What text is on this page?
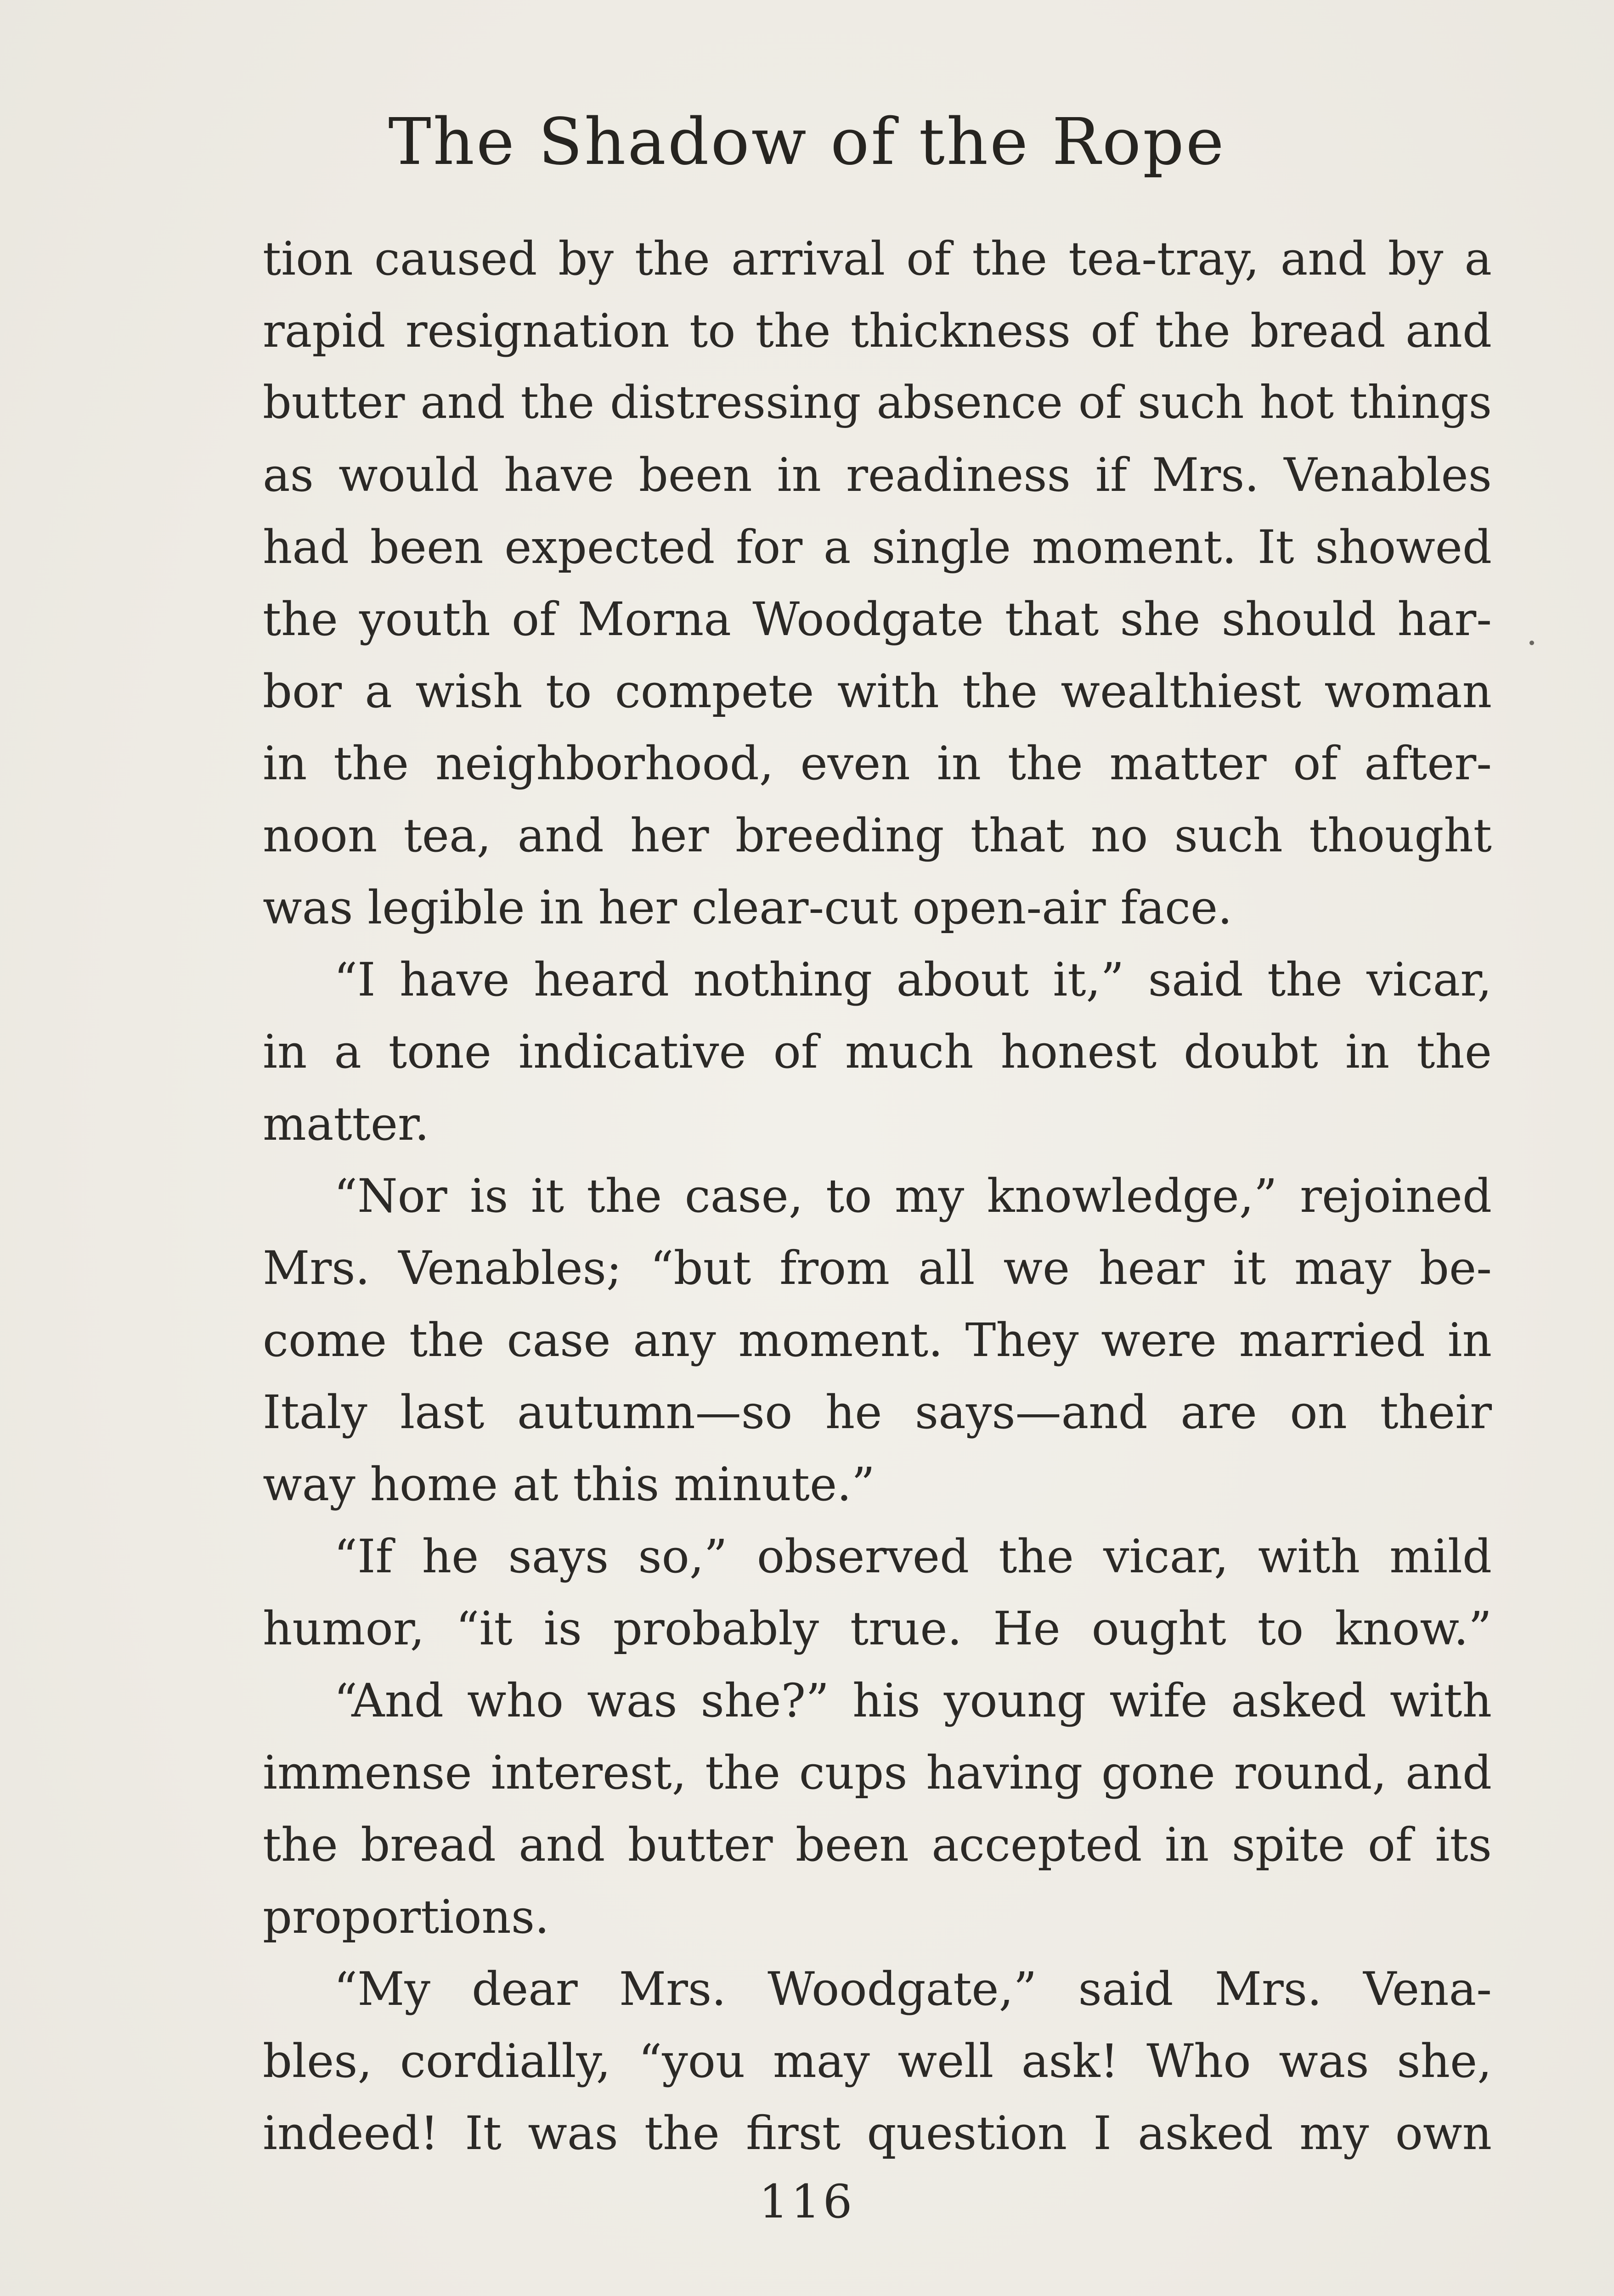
The Shadow of the Rope
tion caused by the arrival of the tea-tray, and by a
rapid resignation to the thickness of the bread and
butter and the distressing absence of such hot things
as would have been in readiness if Mrs. Venables
had been expected for a single moment. It showed
the youth of Morna Woodgate that she should har-
bor a wish to compete with the wealthiest woman
in the neighborhood, even in the matter of after-
noon tea, and her breeding that no such thought
was legible in her clear-cut open-air face.
“I have heard nothing about it,” said the vicar,
in a tone indicative of much honest doubt in the
matter.
“Nor is it the case, to my knowledge,” rejoined
Mrs. Venables; “but from all we hear it may be-
come the case any moment. They were married in
Italy last autumn—so he says—and are on their
way home at this minute.”
“If he says so,” observed the vicar, with mild
humor, “it is probably true. He ought to know.”
“And who was she?” his young wife asked with
immense interest, the cups having gone round, and
the bread and butter been accepted in spite of its
proportions.
“My dear Mrs. Woodgate,” said Mrs. Vena-
bles, cordially, “you may well ask! Who was she,
indeed! It was the first question I asked my own
116
